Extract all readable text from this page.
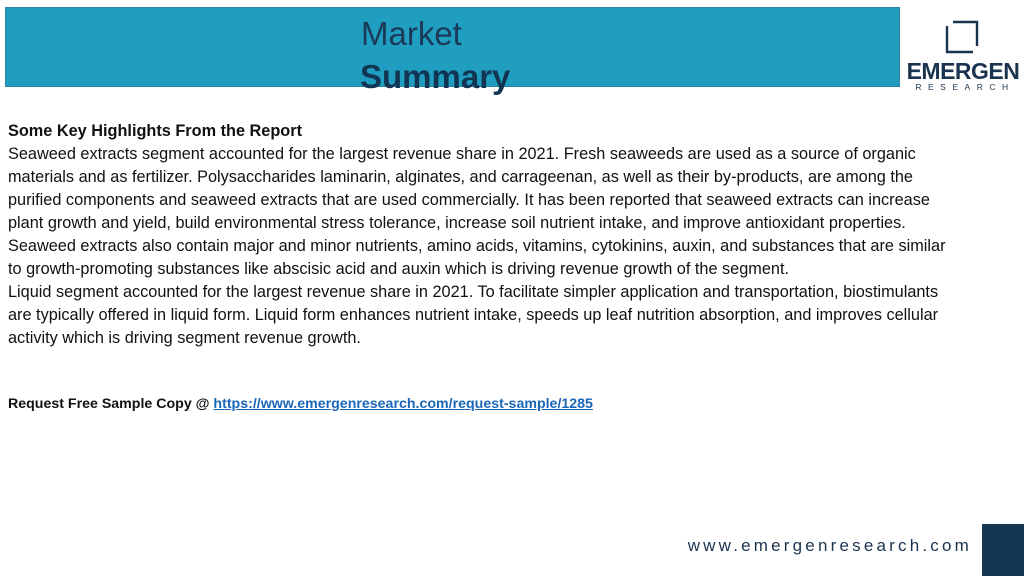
Market
Summary	EMERGEN
RESEARCH

Some Key Highlights From the Report

Seaweed extracts segment accounted for the largest revenue share in 2021. Fresh seaweeds are used as a source of organic materials and as fertilizer. Polysaccharides laminarin, alginates, and carrageenan, as well as their by-products, are among the purified components and seaweed extracts that are used commercially. It has been reported that seaweed extracts can increase plant growth and yield, build environmental stress tolerance, increase soil nutrient intake, and improve antioxidant properties. Seaweed extracts also contain major and minor nutrients, amino acids, vitamins, cytokinins, auxin, and substances that are similar to growth-promoting substances like abscisic acid and auxin which is driving revenue growth of the segment.

Liquid segment accounted for the largest revenue share in 2021. To facilitate simpler application and transportation, biostimulants are typically offered in liquid form. Liquid form enhances nutrient intake, speeds up leaf nutrition absorption, and improves cellular activity which is driving segment revenue growth.

Request Free Sample Copy @ https://www.emergenresearch.com/request-sample/1285
www.emergenresearch.com
